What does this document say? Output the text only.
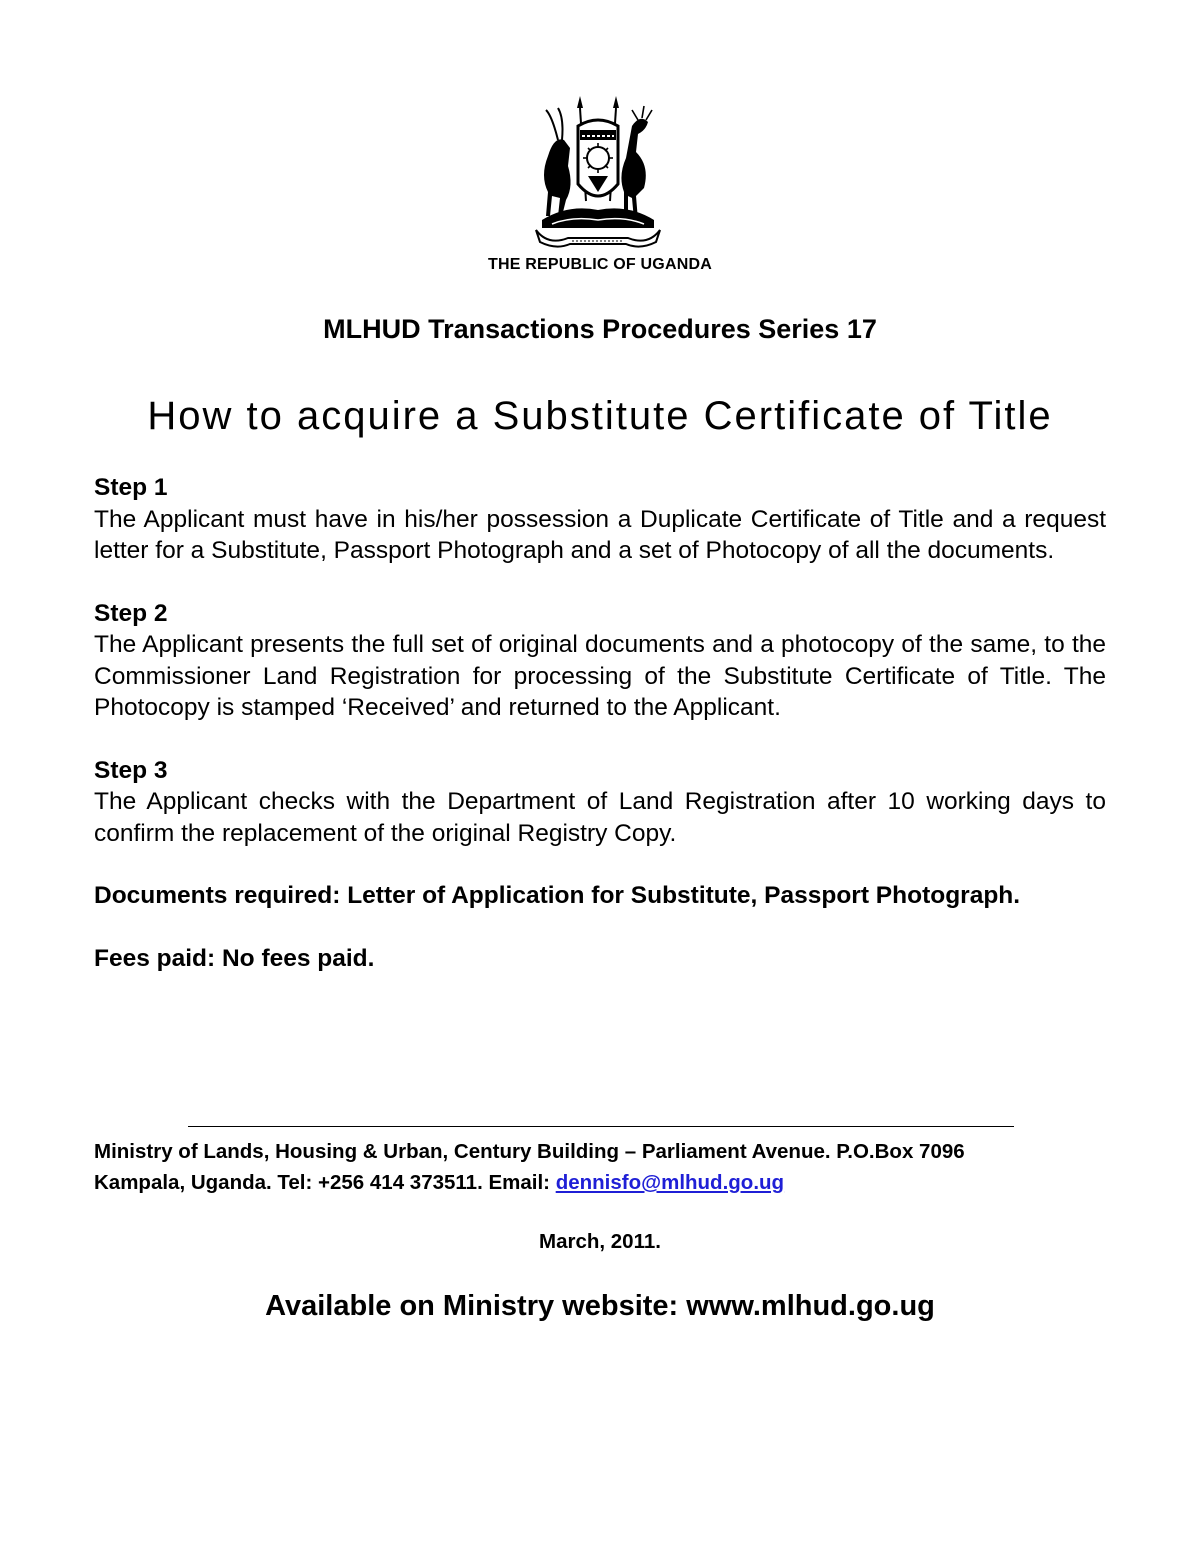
THE REPUBLIC OF UGANDA
MLHUD Transactions Procedures Series 17
How to acquire a Substitute Certificate of Title

Step 1

The Applicant must have in his/her possession a Duplicate Certificate of Title and a request letter for a Substitute, Passport Photograph and a set of Photocopy of all the documents.

Step 2

The Applicant presents the full set of original documents and a photocopy of the same, to the Commissioner Land Registration for processing of the Substitute Certificate of Title. The Photocopy is stamped ‘Received’ and returned to the Applicant.

Step 3

The Applicant checks with the Department of Land Registration after 10 working days to confirm the replacement of the original Registry Copy.

Documents required: Letter of Application for Substitute, Passport Photograph.

Fees paid: No fees paid.

Ministry of Lands, Housing & Urban, Century Building – Parliament Avenue. P.O.Box 7096
Kampala, Uganda. Tel: +256 414 373511. Email: dennisfo@mlhud.go.ug
March, 2011.
Available on Ministry website: www.mlhud.go.ug
